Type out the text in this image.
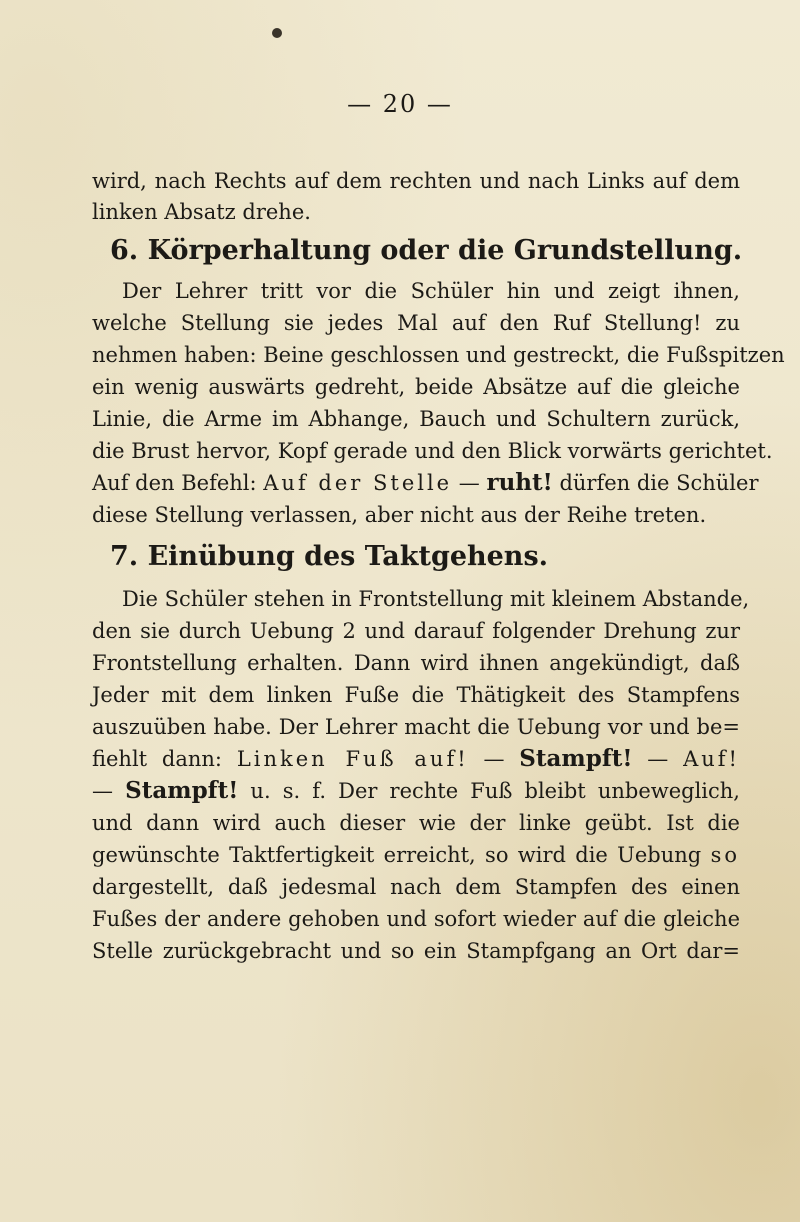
— 20 —
wird, nach Rechts auf dem rechten und nach Links auf dem
linken Absatz drehe.
6. Körperhaltung oder die Grundstellung.
Der Lehrer tritt vor die Schüler hin und zeigt ihnen,
welche Stellung sie jedes Mal auf den Ruf Stellung! zu
nehmen haben: Beine geschlossen und gestreckt, die Fußspitzen
ein wenig auswärts gedreht, beide Absätze auf die gleiche
Linie, die Arme im Abhange, Bauch und Schultern zurück,
die Brust hervor, Kopf gerade und den Blick vorwärts gerichtet.
Auf den Befehl: Auf der Stelle — ruht! dürfen die Schüler
diese Stellung verlassen, aber nicht aus der Reihe treten.
7. Einübung des Taktgehens.
Die Schüler stehen in Frontstellung mit kleinem Abstande,
den sie durch Uebung 2 und darauf folgender Drehung zur
Frontstellung erhalten. Dann wird ihnen angekündigt, daß
Jeder mit dem linken Fuße die Thätigkeit des Stampfens
auszuüben habe. Der Lehrer macht die Uebung vor und be=
fiehlt dann: Linken Fuß auf! — Stampft! — Auf!
— Stampft! u. s. f. Der rechte Fuß bleibt unbeweglich,
und dann wird auch dieser wie der linke geübt. Ist die
gewünschte Taktfertigkeit erreicht, so wird die Uebung so
dargestellt, daß jedesmal nach dem Stampfen des einen
Fußes der andere gehoben und sofort wieder auf die gleiche
Stelle zurückgebracht und so ein Stampfgang an Ort dar=
